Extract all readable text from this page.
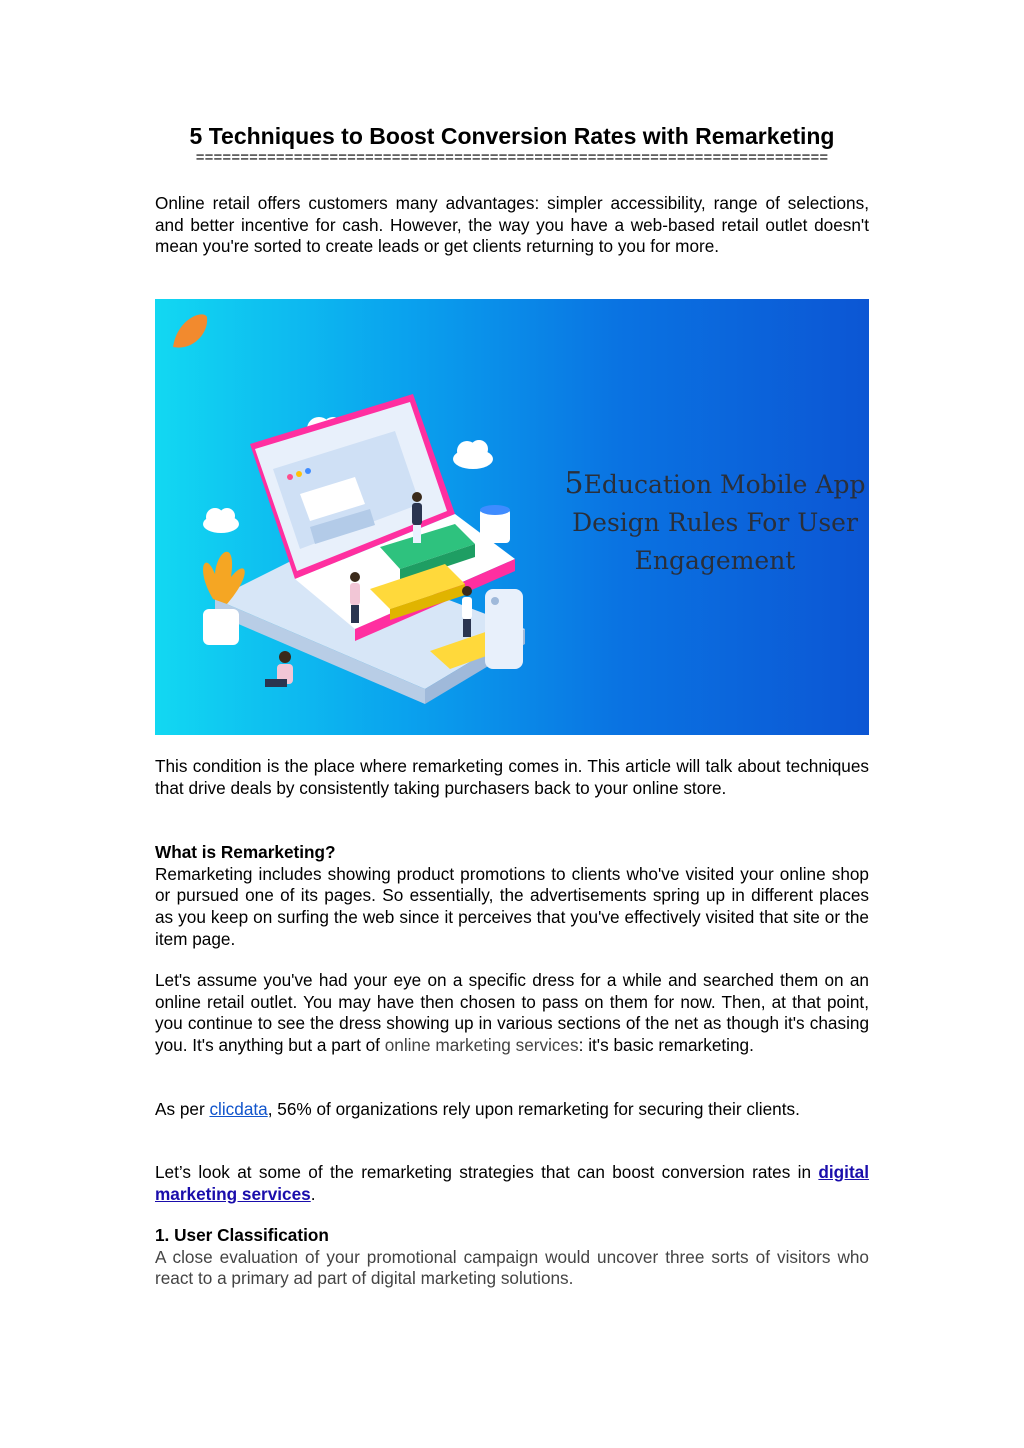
5 Techniques to Boost Conversion Rates with Remarketing
=======================================================================

Online retail offers customers many advantages: simpler accessibility, range of selections, and better incentive for cash. However, the way you have a web-based retail outlet doesn't mean you're sorted to create leads or get clients returning to you for more.

5Education Mobile App
Design Rules For User
Engagement

This condition is the place where remarketing comes in. This article will talk about techniques that drive deals by consistently taking purchasers back to your online store.

What is Remarketing?
Remarketing includes showing product promotions to clients who've visited your online shop or pursued one of its pages. So essentially, the advertisements spring up in different places as you keep on surfing the web since it perceives that you've effectively visited that site or the item page.

Let's assume you've had your eye on a specific dress for a while and searched them on an online retail outlet. You may have then chosen to pass on them for now. Then, at that point, you continue to see the dress showing up in various sections of the net as though it's chasing you. It's anything but a part of online marketing services: it's basic remarketing.

As per clicdata, 56% of organizations rely upon remarketing for securing their clients.

Let’s look at some of the remarketing strategies that can boost conversion rates in digital marketing services.

1. User Classification
A close evaluation of your promotional campaign would uncover three sorts of visitors who react to a primary ad part of digital marketing solutions.
